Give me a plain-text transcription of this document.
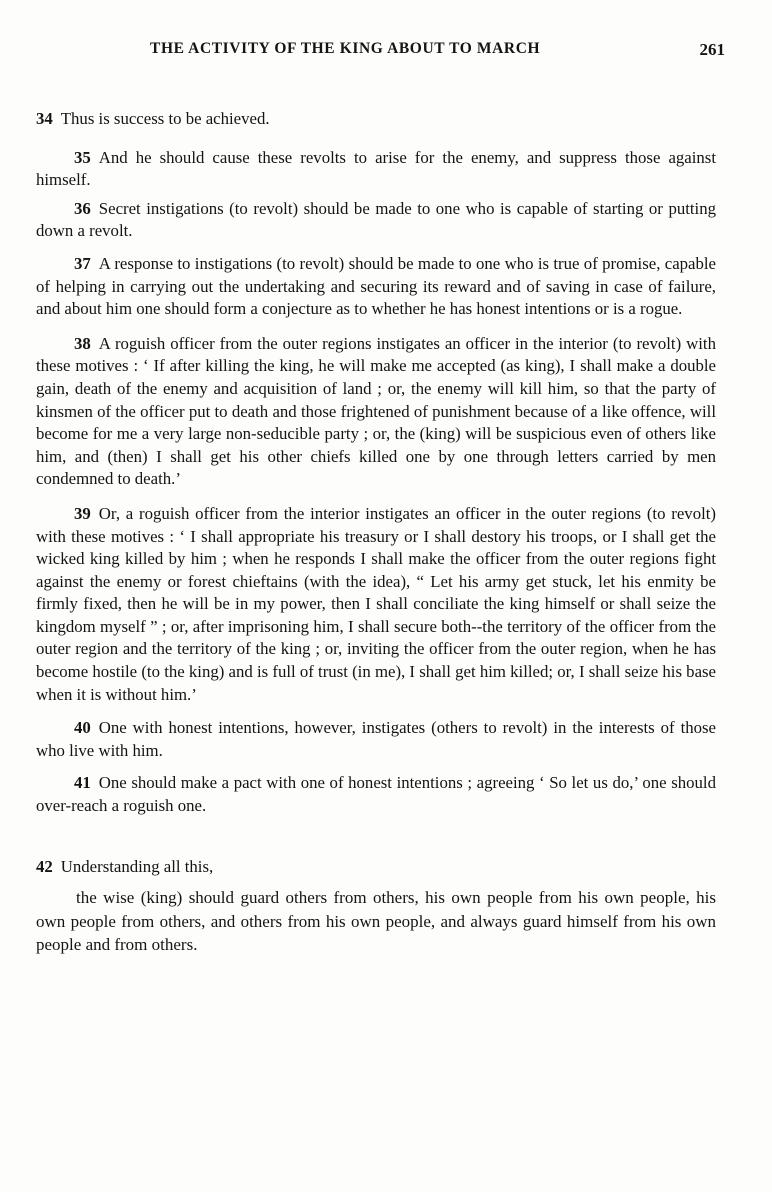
THE ACTIVITY OF THE KING ABOUT TO MARCH	261

34 Thus is success to be achieved.

35 And he should cause these revolts to arise for the enemy, and suppress those against himself.

36 Secret instigations (to revolt) should be made to one who is capable of starting or putting down a revolt.

37 A response to instigations (to revolt) should be made to one who is true of promise, capable of helping in carrying out the undertaking and securing its reward and of saving in case of failure, and about him one should form a conjecture as to whether he has honest intentions or is a rogue.

38 A roguish officer from the outer regions instigates an officer in the interior (to revolt) with these motives : ‘ If after killing the king, he will make me accepted (as king), I shall make a double gain, death of the enemy and acquisition of land ; or, the enemy will kill him, so that the party of kinsmen of the officer put to death and those frightened of punishment because of a like offence, will become for me a very large non-seducible party ; or, the (king) will be suspicious even of others like him, and (then) I shall get his other chiefs killed one by one through letters carried by men condemned to death.’

39 Or, a roguish officer from the interior instigates an officer in the outer regions (to revolt) with these motives : ‘ I shall appropriate his treasury or I shall destory his troops, or I shall get the wicked king killed by him ; when he responds I shall make the officer from the outer regions fight against the enemy or forest chieftains (with the idea), “ Let his army get stuck, let his enmity be firmly fixed, then he will be in my power, then I shall conciliate the king himself or shall seize the kingdom myself ” ; or, after imprisoning him, I shall secure both--the territory of the officer from the outer region and the territory of the king ; or, inviting the officer from the outer region, when he has become hostile (to the king) and is full of trust (in me), I shall get him killed; or, I shall seize his base when it is without him.’

40 One with honest intentions, however, instigates (others to revolt) in the interests of those who live with him.

41 One should make a pact with one of honest intentions ; agreeing ‘ So let us do,’ one should over-reach a roguish one.

42 Understanding all this,

the wise (king) should guard others from others, his own people from his own people, his own people from others, and others from his own people, and always guard himself from his own people and from others.
